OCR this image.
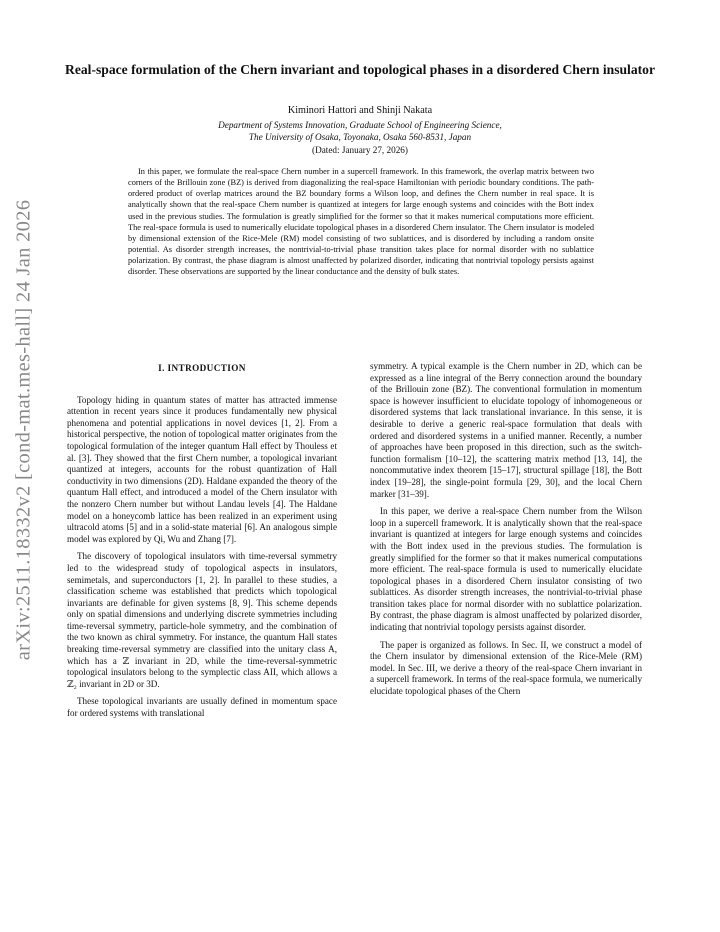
arXiv:2511.18332v2 [cond-mat.mes-hall] 24 Jan 2026
Real-space formulation of the Chern invariant and topological phases in a disordered Chern insulator
Kiminori Hattori and Shinji Nakata
Department of Systems Innovation, Graduate School of Engineering Science,
The University of Osaka, Toyonaka, Osaka 560-8531, Japan
(Dated: January 27, 2026)
In this paper, we formulate the real-space Chern number in a supercell framework. In this framework, the overlap matrix between two corners of the Brillouin zone (BZ) is derived from diagonalizing the real-space Hamiltonian with periodic boundary conditions. The path-ordered product of overlap matrices around the BZ boundary forms a Wilson loop, and defines the Chern number in real space. It is analytically shown that the real-space Chern number is quantized at integers for large enough systems and coincides with the Bott index used in the previous studies. The formulation is greatly simplified for the former so that it makes numerical computations more efficient. The real-space formula is used to numerically elucidate topological phases in a disordered Chern insulator. The Chern insulator is modeled by dimensional extension of the Rice-Mele (RM) model consisting of two sublattices, and is disordered by including a random onsite potential. As disorder strength increases, the nontrivial-to-trivial phase transition takes place for normal disorder with no sublattice polarization. By contrast, the phase diagram is almost unaffected by polarized disorder, indicating that nontrivial topology persists against disorder. These observations are supported by the linear conductance and the density of bulk states.
I. INTRODUCTION

Topology hiding in quantum states of matter has attracted immense attention in recent years since it produces fundamentally new physical phenomena and potential applications in novel devices [1, 2]. From a historical perspective, the notion of topological matter originates from the topological formulation of the integer quantum Hall effect by Thouless et al. [3]. They showed that the first Chern number, a topological invariant quantized at integers, accounts for the robust quantization of Hall conductivity in two dimensions (2D). Haldane expanded the theory of the quantum Hall effect, and introduced a model of the Chern insulator with the nonzero Chern number but without Landau levels [4]. The Haldane model on a honeycomb lattice has been realized in an experiment using ultracold atoms [5] and in a solid-state material [6]. An analogous simple model was explored by Qi, Wu and Zhang [7].

The discovery of topological insulators with time-reversal symmetry led to the widespread study of topological aspects in insulators, semimetals, and superconductors [1, 2]. In parallel to these studies, a classification scheme was established that predicts which topological invariants are definable for given systems [8, 9]. This scheme depends only on spatial dimensions and underlying discrete symmetries including time-reversal symmetry, particle-hole symmetry, and the combination of the two known as chiral symmetry. For instance, the quantum Hall states breaking time-reversal symmetry are classified into the unitary class A, which has a ℤ invariant in 2D, while the time-reversal-symmetric topological insulators belong to the symplectic class AII, which allows a ℤ₂ invariant in 2D or 3D.

These topological invariants are usually defined in momentum space for ordered systems with translational

symmetry. A typical example is the Chern number in 2D, which can be expressed as a line integral of the Berry connection around the boundary of the Brillouin zone (BZ). The conventional formulation in momentum space is however insufficient to elucidate topology of inhomogeneous or disordered systems that lack translational invariance. In this sense, it is desirable to derive a generic real-space formulation that deals with ordered and disordered systems in a unified manner. Recently, a number of approaches have been proposed in this direction, such as the switch-function formalism [10–12], the scattering matrix method [13, 14], the noncommutative index theorem [15–17], structural spillage [18], the Bott index [19–28], the single-point formula [29, 30], and the local Chern marker [31–39].

In this paper, we derive a real-space Chern number from the Wilson loop in a supercell framework. It is analytically shown that the real-space invariant is quantized at integers for large enough systems and coincides with the Bott index used in the previous studies. The formulation is greatly simplified for the former so that it makes numerical computations more efficient. The real-space formula is used to numerically elucidate topological phases in a disordered Chern insulator consisting of two sublattices. As disorder strength increases, the nontrivial-to-trivial phase transition takes place for normal disorder with no sublattice polarization. By contrast, the phase diagram is almost unaffected by polarized disorder, indicating that nontrivial topology persists against disorder.

The paper is organized as follows. In Sec. II, we construct a model of the Chern insulator by dimensional extension of the Rice-Mele (RM) model. In Sec. III, we derive a theory of the real-space Chern invariant in a supercell framework. In terms of the real-space formula, we numerically elucidate topological phases of the Chern
